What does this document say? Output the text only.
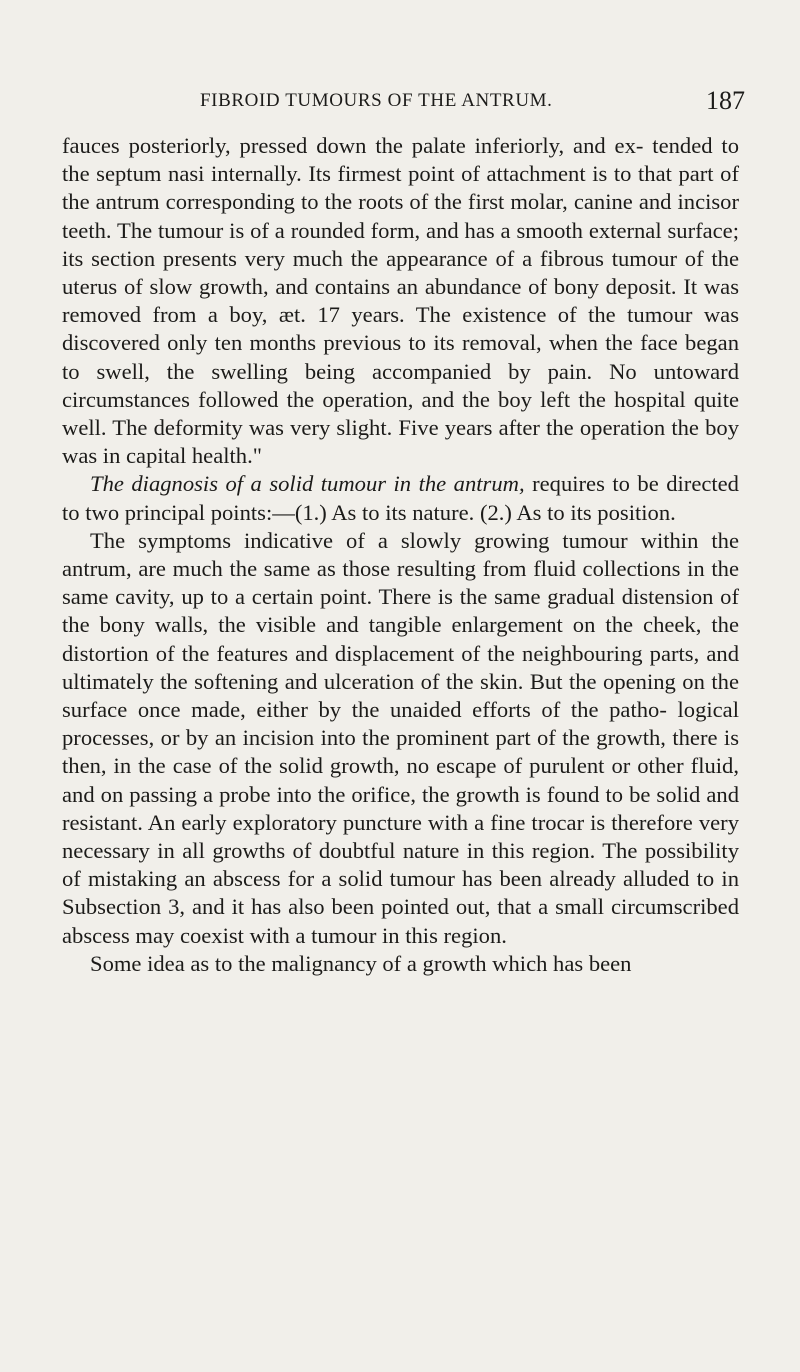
FIBROID TUMOURS OF THE ANTRUM.	187

fauces posteriorly, pressed down the palate inferiorly, and ex- tended to the septum nasi internally. Its firmest point of attachment is to that part of the antrum corresponding to the roots of the first molar, canine and incisor teeth. The tumour is of a rounded form, and has a smooth external surface; its section presents very much the appearance of a fibrous tumour of the uterus of slow growth, and contains an abundance of bony deposit. It was removed from a boy, æt. 17 years. The existence of the tumour was discovered only ten months previous to its removal, when the face began to swell, the swelling being accompanied by pain. No untoward circumstances followed the operation, and the boy left the hospital quite well. The deformity was very slight. Five years after the operation the boy was in capital health."

The diagnosis of a solid tumour in the antrum, requires to be directed to two principal points:—(1.) As to its nature. (2.) As to its position.

The symptoms indicative of a slowly growing tumour within the antrum, are much the same as those resulting from fluid collections in the same cavity, up to a certain point. There is the same gradual distension of the bony walls, the visible and tangible enlargement on the cheek, the distortion of the features and displacement of the neighbouring parts, and ultimately the softening and ulceration of the skin. But the opening on the surface once made, either by the unaided efforts of the patho- logical processes, or by an incision into the prominent part of the growth, there is then, in the case of the solid growth, no escape of purulent or other fluid, and on passing a probe into the orifice, the growth is found to be solid and resistant. An early exploratory puncture with a fine trocar is therefore very necessary in all growths of doubtful nature in this region. The possibility of mistaking an abscess for a solid tumour has been already alluded to in Subsection 3, and it has also been pointed out, that a small circumscribed abscess may coexist with a tumour in this region.

Some idea as to the malignancy of a growth which has been
